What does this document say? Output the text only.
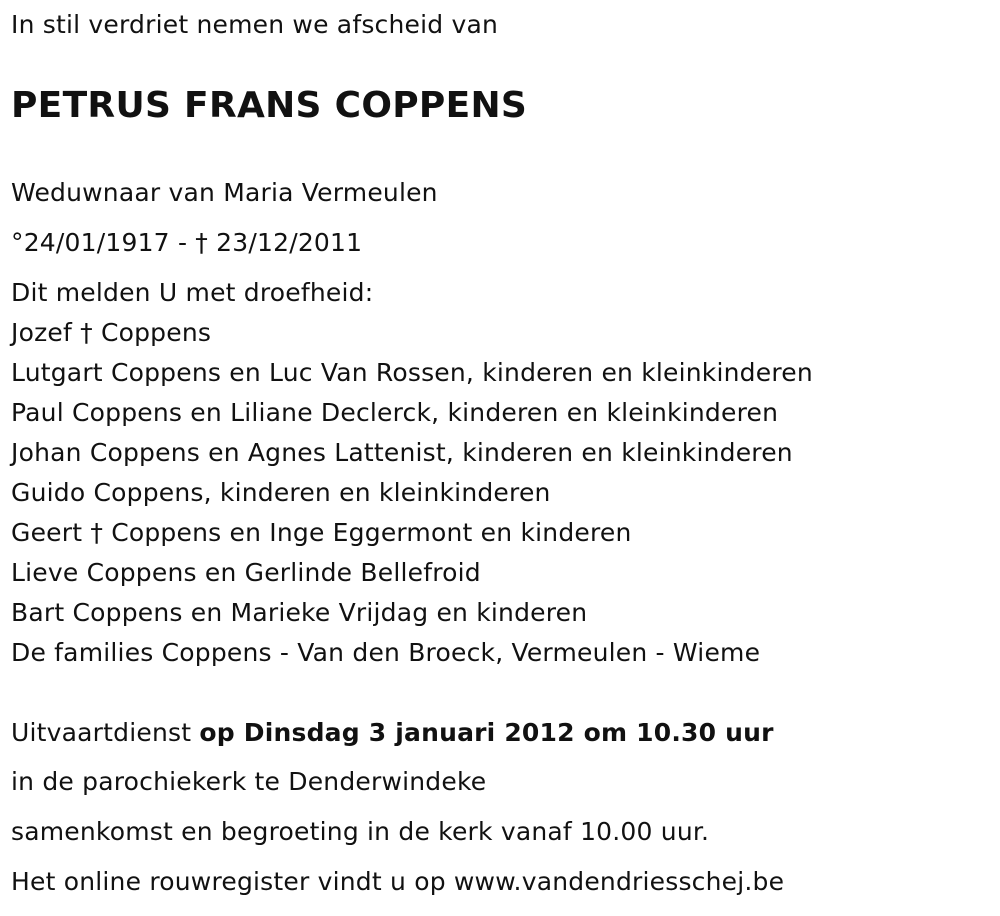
In stil verdriet nemen we afscheid van
PETRUS FRANS COPPENS
Weduwnaar van Maria Vermeulen
°24/01/1917 - † 23/12/2011
Dit melden U met droefheid:
Jozef † Coppens
Lutgart Coppens en Luc Van Rossen, kinderen en kleinkinderen
Paul Coppens en Liliane Declerck, kinderen en kleinkinderen
Johan Coppens en Agnes Lattenist, kinderen en kleinkinderen
Guido Coppens, kinderen en kleinkinderen
Geert † Coppens en Inge Eggermont en kinderen
Lieve Coppens en Gerlinde Bellefroid
Bart Coppens en Marieke Vrijdag en kinderen
De families Coppens - Van den Broeck, Vermeulen - Wieme
Uitvaartdienst op Dinsdag 3 januari 2012 om 10.30 uur
in de parochiekerk te Denderwindeke
samenkomst en begroeting in de kerk vanaf 10.00 uur.
Het online rouwregister vindt u op www.vandendriesschej.be
